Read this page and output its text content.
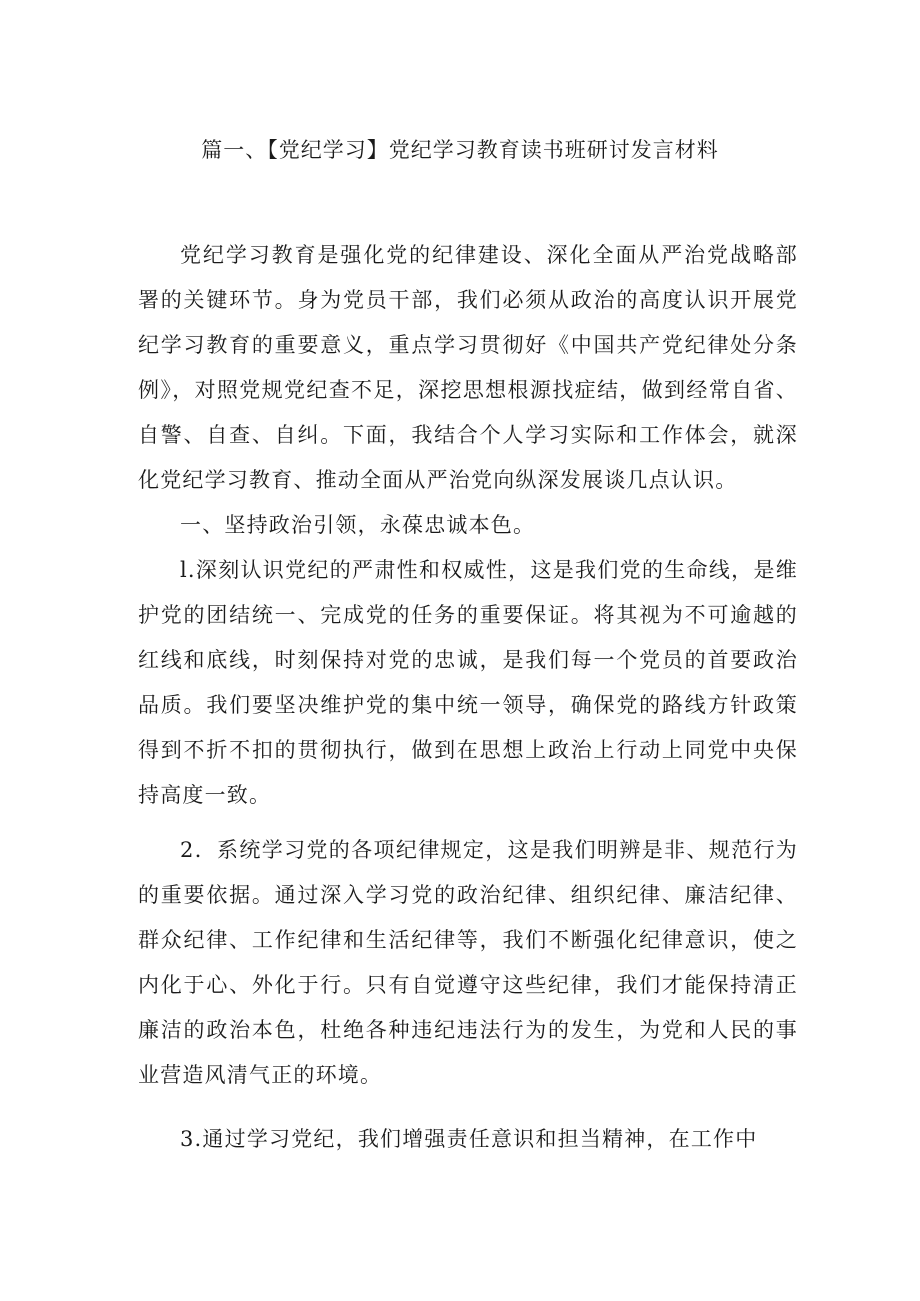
篇一、【党纪学习】党纪学习教育读书班研讨发言材料

党纪学习教育是强化党的纪律建设、深化全面从严治党战略部署的关键环节。身为党员干部，我们必须从政治的高度认识开展党纪学习教育的重要意义，重点学习贯彻好《中国共产党纪律处分条例》，对照党规党纪查不足，深挖思想根源找症结，做到经常自省、自警、自查、自纠。下面，我结合个人学习实际和工作体会，就深化党纪学习教育、推动全面从严治党向纵深发展谈几点认识。

一、坚持政治引领，永葆忠诚本色。

l.深刻认识党纪的严肃性和权威性，这是我们党的生命线，是维护党的团结统一、完成党的任务的重要保证。将其视为不可逾越的红线和底线，时刻保持对党的忠诚，是我们每一个党员的首要政治品质。我们要坚决维护党的集中统一领导，确保党的路线方针政策得到不折不扣的贯彻执行，做到在思想上政治上行动上同党中央保持高度一致。

2．系统学习党的各项纪律规定，这是我们明辨是非、规范行为的重要依据。通过深入学习党的政治纪律、组织纪律、廉洁纪律、群众纪律、工作纪律和生活纪律等，我们不断强化纪律意识，使之内化于心、外化于行。只有自觉遵守这些纪律，我们才能保持清正廉洁的政治本色，杜绝各种违纪违法行为的发生，为党和人民的事业营造风清气正的环境。

3.通过学习党纪，我们增强责任意识和担当精神，在工作中
